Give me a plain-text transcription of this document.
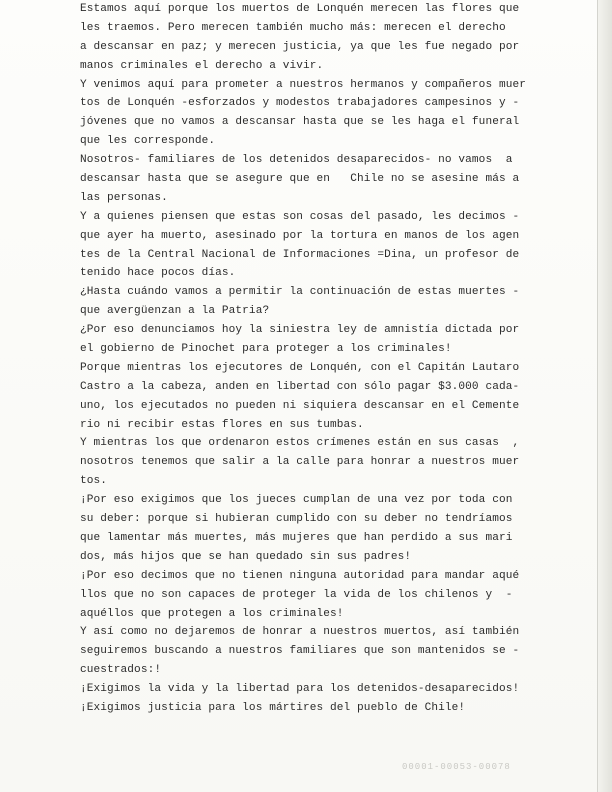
Estamos aquí porque los muertos de Lonquén merecen las flores que
les traemos. Pero merecen también mucho más: merecen el derecho
a descansar en paz; y merecen justicia, ya que les fue negado por
manos criminales el derecho a vivir.
Y venimos aquí para prometer a nuestros hermanos y compañeros muer
tos de Lonquén -esforzados y modestos trabajadores campesinos y -
jóvenes que no vamos a descansar hasta que se les haga el funeral
que les corresponde.
Nosotros- familiares de los detenidos desaparecidos- no vamos  a
descansar hasta que se asegure que en   Chile no se asesine más a
las personas.
Y a quienes piensen que estas son cosas del pasado, les decimos -
que ayer ha muerto, asesinado por la tortura en manos de los agen
tes de la Central Nacional de Informaciones =Dina, un profesor de
tenido hace pocos días.
¿Hasta cuándo vamos a permitir la continuación de estas muertes -
que avergüenzan a la Patria?
¿Por eso denunciamos hoy la siniestra ley de amnistía dictada por
el gobierno de Pinochet para proteger a los criminales!
Porque mientras los ejecutores de Lonquén, con el Capitán Lautaro
Castro a la cabeza, anden en libertad con sólo pagar $3.000 cada-
uno, los ejecutados no pueden ni siquiera descansar en el Cemente
rio ni recibir estas flores en sus tumbas.
Y mientras los que ordenaron estos crímenes están en sus casas  ,
nosotros tenemos que salir a la calle para honrar a nuestros muer
tos.
¡Por eso exigimos que los jueces cumplan de una vez por toda con
su deber: porque si hubieran cumplido con su deber no tendríamos
que lamentar más muertes, más mujeres que han perdido a sus mari
dos, más hijos que se han quedado sin sus padres!
¡Por eso decimos que no tienen ninguna autoridad para mandar aqué
llos que no son capaces de proteger la vida de los chilenos y  -
aquéllos que protegen a los criminales!
Y así como no dejaremos de honrar a nuestros muertos, así también
seguiremos buscando a nuestros familiares que son mantenidos se -
cuestrados:!
¡Exigimos la vida y la libertad para los detenidos-desaparecidos!
¡Exigimos justicia para los mártires del pueblo de Chile!
00001-00053-00078
